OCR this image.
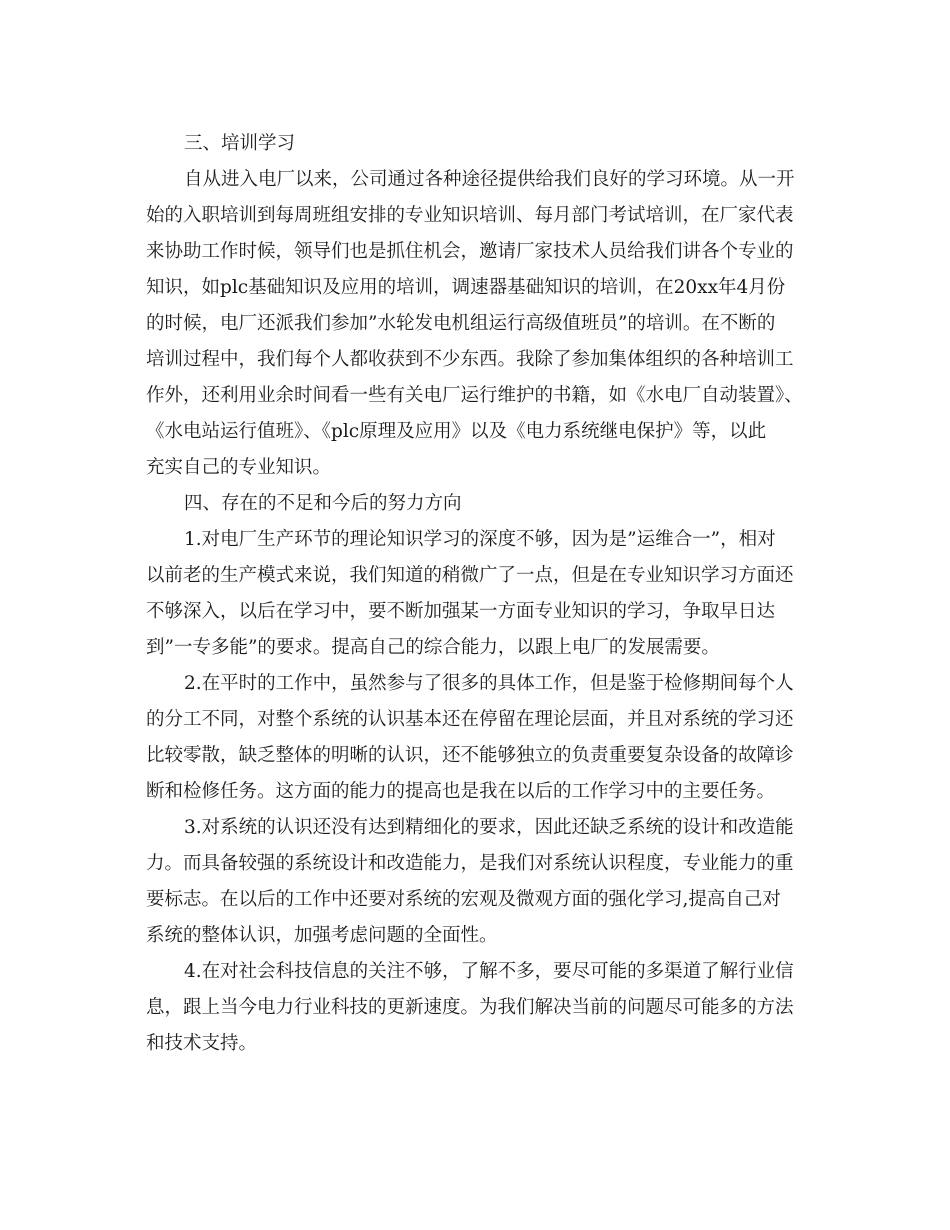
三、培训学习
自从进入电厂以来，公司通过各种途径提供给我们良好的学习环境。从一开
始的入职培训到每周班组安排的专业知识培训、每月部门考试培训，在厂家代表
来协助工作时候，领导们也是抓住机会，邀请厂家技术人员给我们讲各个专业的
知识，如plc基础知识及应用的培训，调速器基础知识的培训，在20xx年4月份
的时候，电厂还派我们参加”水轮发电机组运行高级值班员”的培训。在不断的
培训过程中，我们每个人都收获到不少东西。我除了参加集体组织的各种培训工
作外，还利用业余时间看一些有关电厂运行维护的书籍，如《水电厂自动装置》、
《水电站运行值班》、《plc原理及应用》以及《电力系统继电保护》等，以此
充实自己的专业知识。
四、存在的不足和今后的努力方向
1.对电厂生产环节的理论知识学习的深度不够，因为是”运维合一”，相对
以前老的生产模式来说，我们知道的稍微广了一点，但是在专业知识学习方面还
不够深入，以后在学习中，要不断加强某一方面专业知识的学习，争取早日达
到”一专多能”的要求。提高自己的综合能力，以跟上电厂的发展需要。
2.在平时的工作中，虽然参与了很多的具体工作，但是鉴于检修期间每个人
的分工不同，对整个系统的认识基本还在停留在理论层面，并且对系统的学习还
比较零散，缺乏整体的明晰的认识，还不能够独立的负责重要复杂设备的故障诊
断和检修任务。这方面的能力的提高也是我在以后的工作学习中的主要任务。
3.对系统的认识还没有达到精细化的要求，因此还缺乏系统的设计和改造能
力。而具备较强的系统设计和改造能力，是我们对系统认识程度，专业能力的重
要标志。在以后的工作中还要对系统的宏观及微观方面的强化学习,提高自己对
系统的整体认识，加强考虑问题的全面性。
4.在对社会科技信息的关注不够，了解不多，要尽可能的多渠道了解行业信
息，跟上当今电力行业科技的更新速度。为我们解决当前的问题尽可能多的方法
和技术支持。
